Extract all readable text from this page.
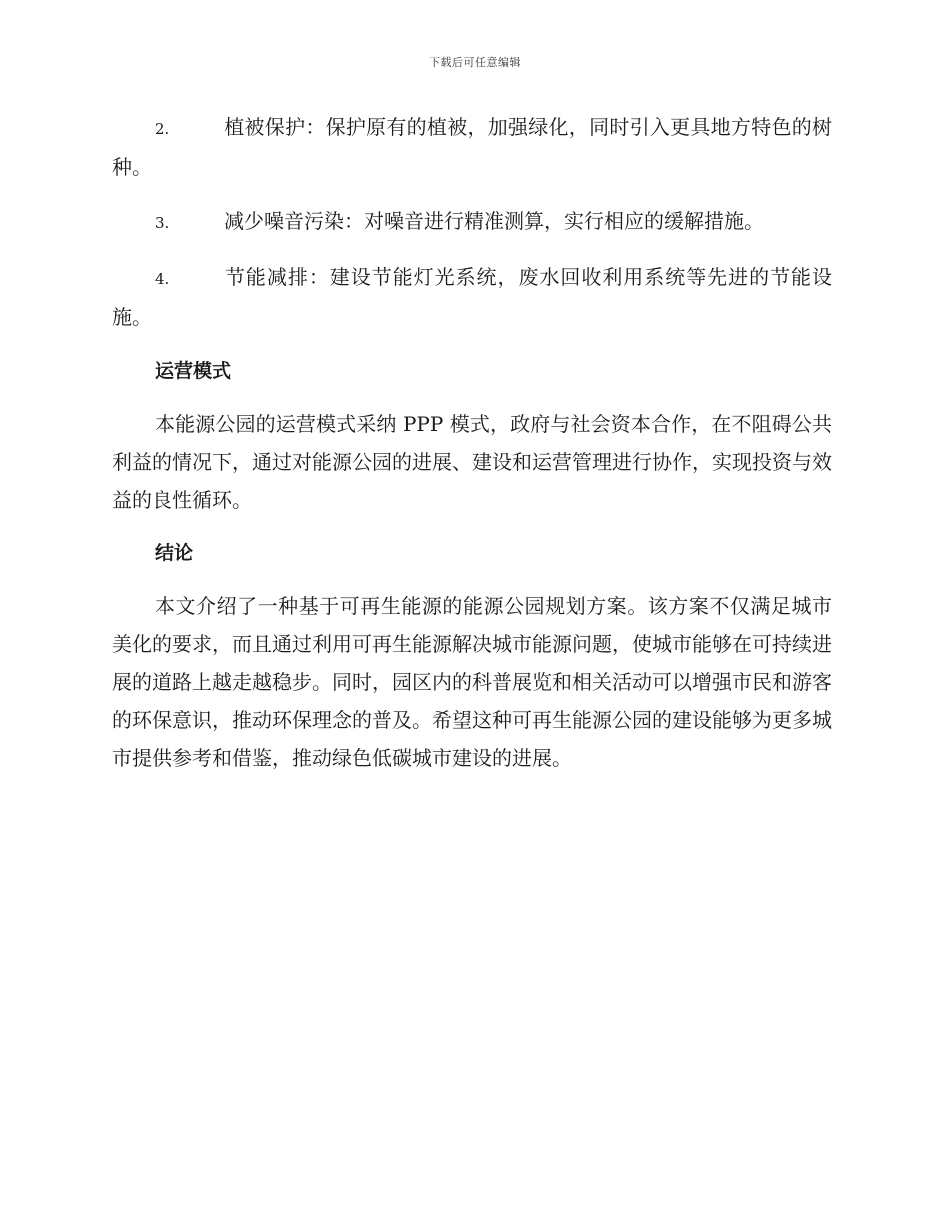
下载后可任意编辑
2.	植被保护：保护原有的植被，加强绿化，同时引入更具地方特色的树种。
3.	减少噪音污染：对噪音进行精准测算，实行相应的缓解措施。
4.	节能减排：建设节能灯光系统，废水回收利用系统等先进的节能设施。
运营模式
本能源公园的运营模式采纳 PPP 模式，政府与社会资本合作，在不阻碍公共利益的情况下，通过对能源公园的进展、建设和运营管理进行协作，实现投资与效益的良性循环。
结论
本文介绍了一种基于可再生能源的能源公园规划方案。该方案不仅满足城市美化的要求，而且通过利用可再生能源解决城市能源问题，使城市能够在可持续进展的道路上越走越稳步。同时，园区内的科普展览和相关活动可以增强市民和游客的环保意识，推动环保理念的普及。希望这种可再生能源公园的建设能够为更多城市提供参考和借鉴，推动绿色低碳城市建设的进展。
